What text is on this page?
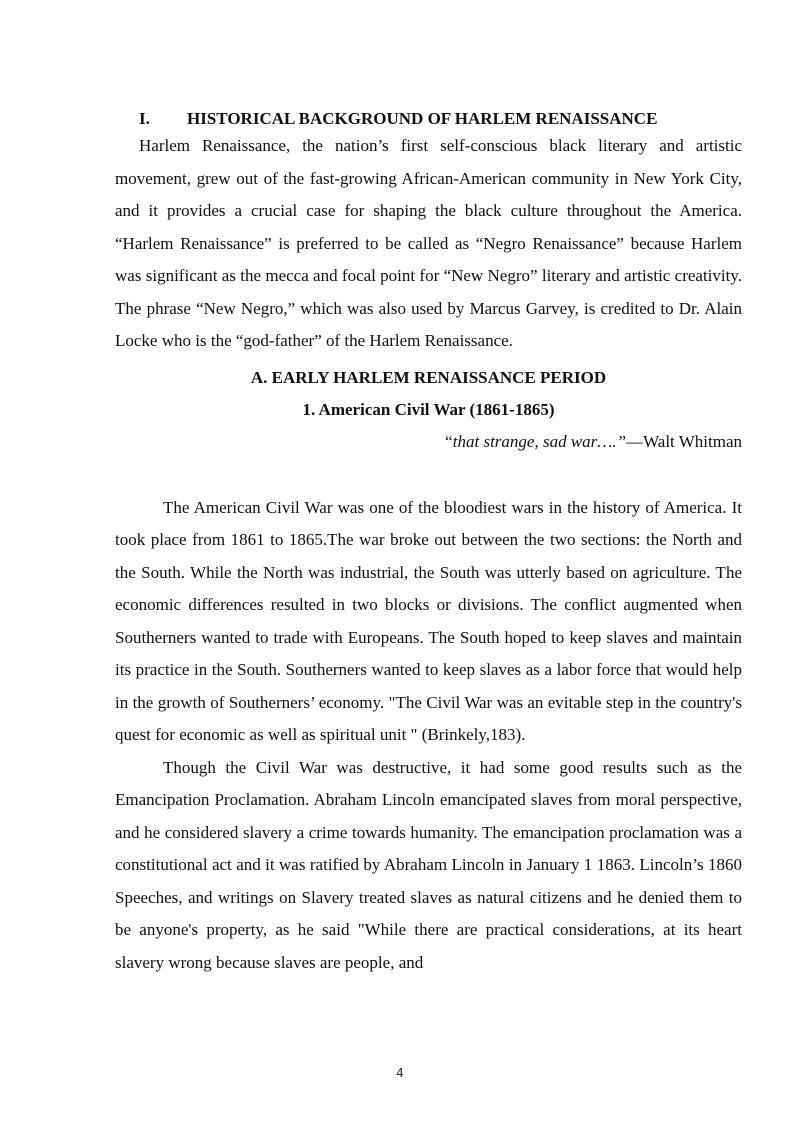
I.	HISTORICAL BACKGROUND OF HARLEM RENAISSANCE

Harlem Renaissance, the nation’s first self-conscious black literary and artistic movement, grew out of the fast-growing African-American community in New York City, and it provides a crucial case for shaping the black culture throughout the America. “Harlem Renaissance” is preferred to be called as “Negro Renaissance” because Harlem was significant as the mecca and focal point for “New Negro” literary and artistic creativity. The phrase “New Negro,” which was also used by Marcus Garvey, is credited to Dr. Alain Locke who is the “god-father” of the Harlem Renaissance.

A. EARLY HARLEM RENAISSANCE PERIOD
1. American Civil War (1861-1865)
“that strange, sad war….”—Walt Whitman

The American Civil War was one of the bloodiest wars in the history of America. It took place from 1861 to 1865.The war broke out between the two sections: the North and the South. While the North was industrial, the South was utterly based on agriculture. The economic differences resulted in two blocks or divisions. The conflict augmented when Southerners wanted to trade with Europeans. The South hoped to keep slaves and maintain its practice in the South. Southerners wanted to keep slaves as a labor force that would help in the growth of Southerners’ economy. "The Civil War was an evitable step in the country's quest for economic as well as spiritual unit " (Brinkely,183).

Though the Civil War was destructive, it had some good results such as the Emancipation Proclamation. Abraham Lincoln emancipated slaves from moral perspective, and he considered slavery a crime towards humanity. The emancipation proclamation was a constitutional act and it was ratified by Abraham Lincoln in January 1 1863. Lincoln’s 1860 Speeches, and writings on Slavery treated slaves as natural citizens and he denied them to be anyone's property, as he said "While there are practical considerations, at its heart slavery wrong because slaves are people, and

4
